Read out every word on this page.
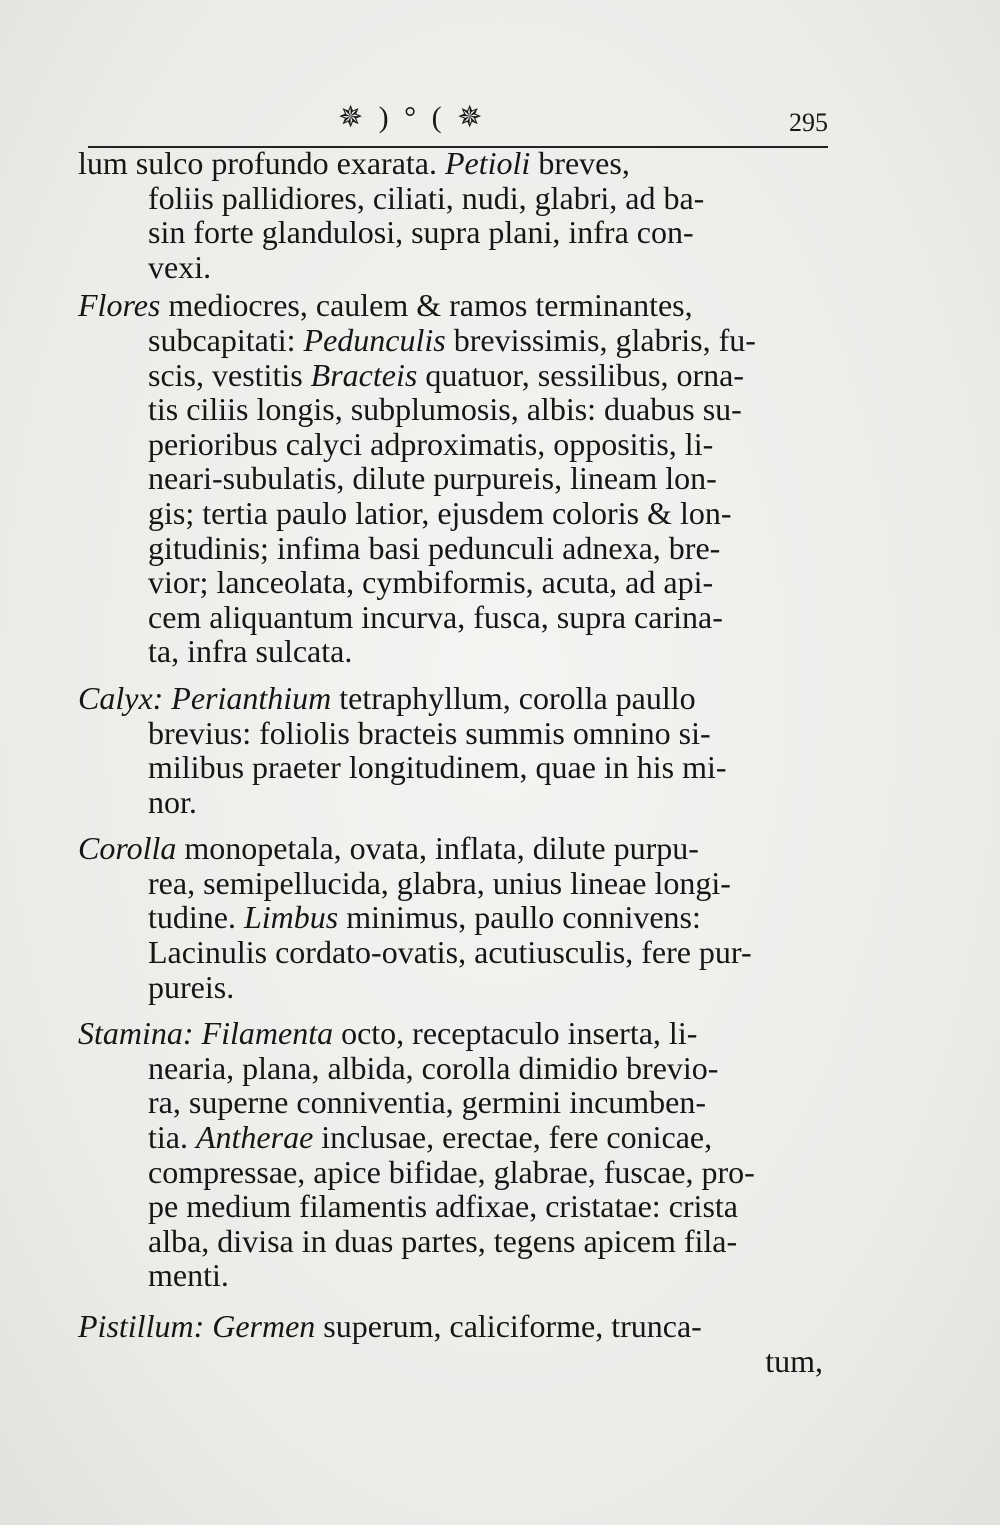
✵ ) ° ( ✵	295
lum sulco profundo exarata. Petioli breves,
foliis pallidiores, ciliati, nudi, glabri, ad ba-
sin forte glandulosi, supra plani, infra con-
vexi.
Flores mediocres, caulem & ramos terminantes,
subcapitati: Pedunculis brevissimis, glabris, fu-
scis, vestitis Bracteis quatuor, sessilibus, orna-
tis ciliis longis, subplumosis, albis: duabus su-
perioribus calyci adproximatis, oppositis, li-
neari-subulatis, dilute purpureis, lineam lon-
gis; tertia paulo latior, ejusdem coloris & lon-
gitudinis; infima basi pedunculi adnexa, bre-
vior; lanceolata, cymbiformis, acuta, ad api-
cem aliquantum incurva, fusca, supra carina-
ta, infra sulcata.
Calyx: Perianthium tetraphyllum, corolla paullo
brevius: foliolis bracteis summis omnino si-
milibus praeter longitudinem, quae in his mi-
nor.
Corolla monopetala, ovata, inflata, dilute purpu-
rea, semipellucida, glabra, unius lineae longi-
tudine. Limbus minimus, paullo connivens:
Lacinulis cordato-ovatis, acutiusculis, fere pur-
pureis.
Stamina: Filamenta octo, receptaculo inserta, li-
nearia, plana, albida, corolla dimidio brevio-
ra, superne conniventia, germini incumben-
tia. Antherae inclusae, erectae, fere conicae,
compressae, apice bifidae, glabrae, fuscae, pro-
pe medium filamentis adfixae, cristatae: crista
alba, divisa in duas partes, tegens apicem fila-
menti.
Pistillum: Germen superum, caliciforme, trunca-
tum,
